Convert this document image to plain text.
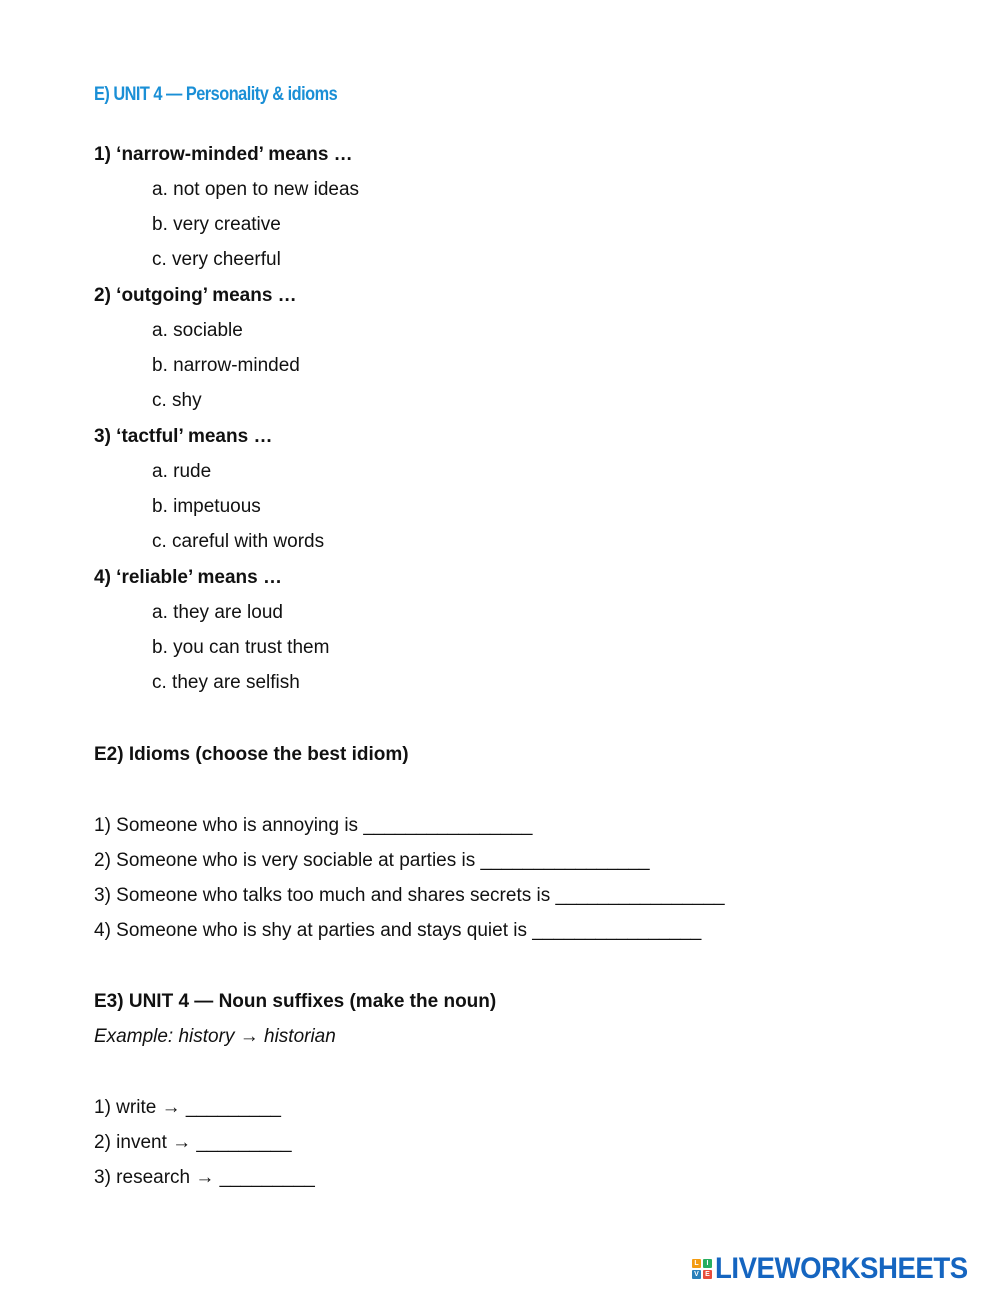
E) UNIT 4 — Personality & idioms
1) ‘narrow-minded’ means …
a. not open to new ideas
b. very creative
c. very cheerful
2) ‘outgoing’ means …
a. sociable
b. narrow-minded
c. shy
3) ‘tactful’ means …
a. rude
b. impetuous
c. careful with words
4) ‘reliable’ means …
a. they are loud
b. you can trust them
c. they are selfish
E2) Idioms (choose the best idiom)
1) Someone who is annoying is ________________
2) Someone who is very sociable at parties is ________________
3) Someone who talks too much and shares secrets is ________________
4) Someone who is shy at parties and stays quiet is ________________
E3) UNIT 4 — Noun suffixes (make the noun)
Example: history → historian
1) write → _________
2) invent → _________
3) research → _________
L	I
V E LIVEWORKSHEETS
